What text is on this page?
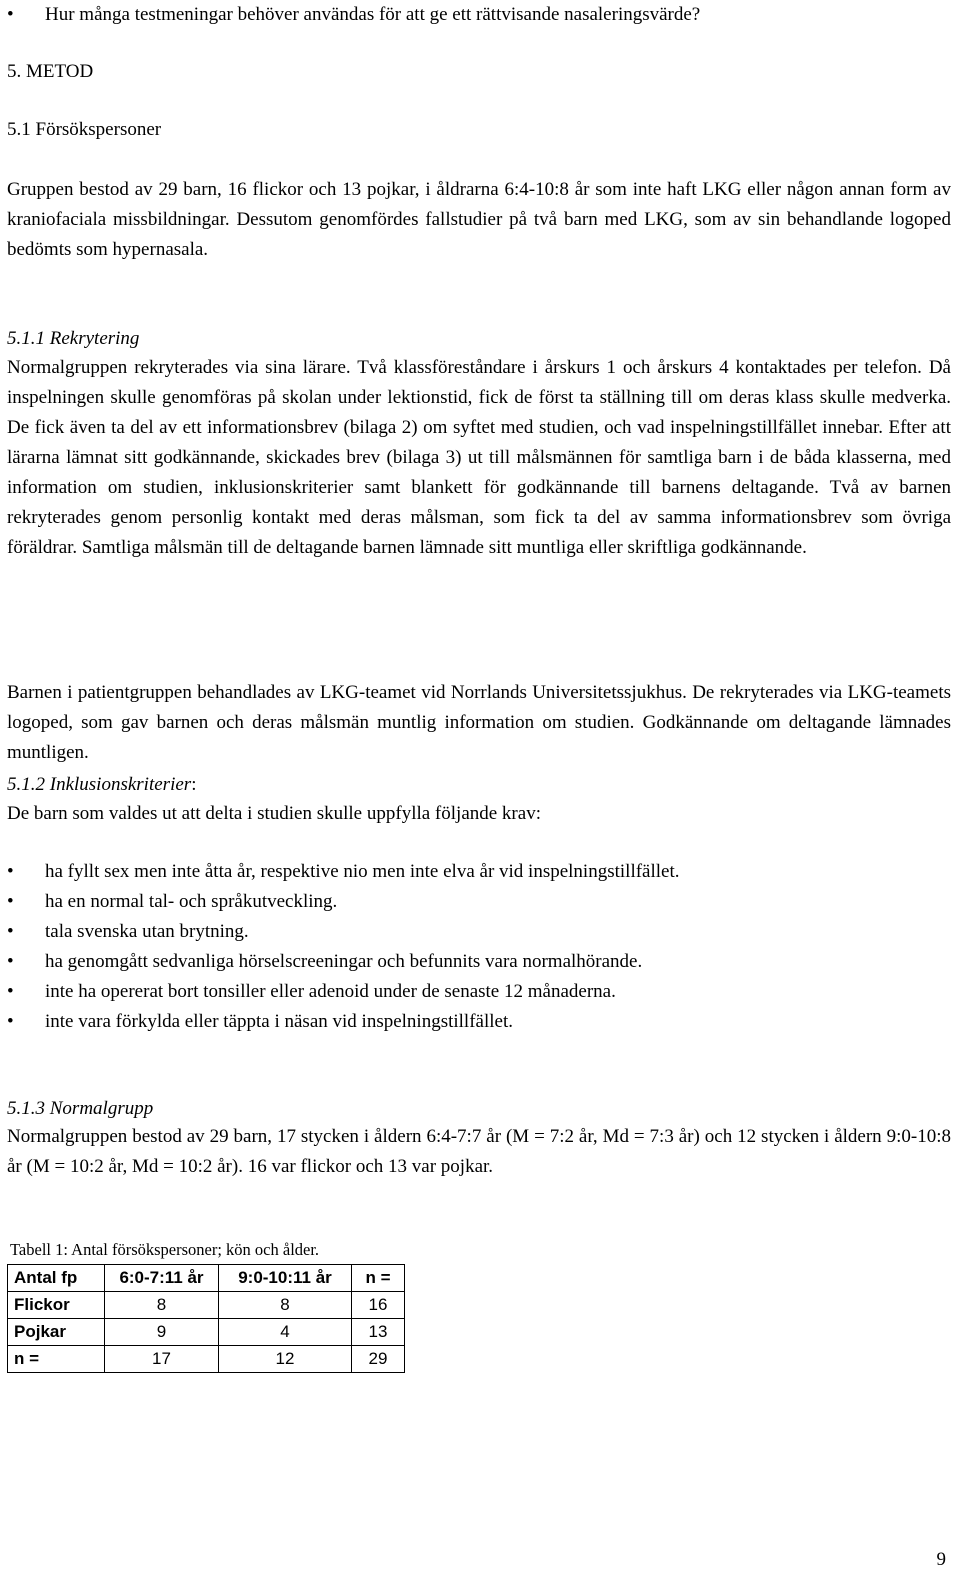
• Hur många testmeningar behöver användas för att ge ett rättvisande nasaleringsvärde?

5. METOD

5.1 Försökspersoner

Gruppen bestod av 29 barn, 16 flickor och 13 pojkar, i åldrarna 6:4-10:8 år som inte haft LKG eller någon annan form av kraniofaciala missbildningar. Dessutom genomfördes fallstudier på två barn med LKG, som av sin behandlande logoped bedömts som hypernasala.

5.1.1 Rekrytering

Normalgruppen rekryterades via sina lärare. Två klassföreståndare i årskurs 1 och årskurs 4 kontaktades per telefon. Då inspelningen skulle genomföras på skolan under lektionstid, fick de först ta ställning till om deras klass skulle medverka. De fick även ta del av ett informationsbrev (bilaga 2) om syftet med studien, och vad inspelningstillfället innebar. Efter att lärarna lämnat sitt godkännande, skickades brev (bilaga 3) ut till målsmännen för samtliga barn i de båda klasserna, med information om studien, inklusionskriterier samt blankett för godkännande till barnens deltagande. Två av barnen rekryterades genom personlig kontakt med deras målsman, som fick ta del av samma informationsbrev som övriga föräldrar. Samtliga målsmän till de deltagande barnen lämnade sitt muntliga eller skriftliga godkännande.

Barnen i patientgruppen behandlades av LKG-teamet vid Norrlands Universitetssjukhus. De rekryterades via LKG-teamets logoped, som gav barnen och deras målsmän muntlig information om studien. Godkännande om deltagande lämnades muntligen.

5.1.2 Inklusionskriterier:

De barn som valdes ut att delta i studien skulle uppfylla följande krav:

• ha fyllt sex men inte åtta år, respektive nio men inte elva år vid inspelningstillfället.
• ha en normal tal- och språkutveckling.
• tala svenska utan brytning.
• ha genomgått sedvanliga hörselscreeningar och befunnits vara normalhörande.
• inte ha opererat bort tonsiller eller adenoid under de senaste 12 månaderna.
• inte vara förkylda eller täppta i näsan vid inspelningstillfället.

5.1.3 Normalgrupp

Normalgruppen bestod av 29 barn, 17 stycken i åldern 6:4-7:7 år (M = 7:2 år, Md = 7:3 år) och 12 stycken i åldern 9:0-10:8 år (M = 10:2 år, Md = 10:2 år). 16 var flickor och 13 var pojkar.

Tabell 1: Antal försökspersoner; kön och ålder.

Antal fp	6:0-7:11 år	9:0-10:11 år	n =
Flickor	8	8	16
Pojkar	9	4	13
n =	17	12	29
9
